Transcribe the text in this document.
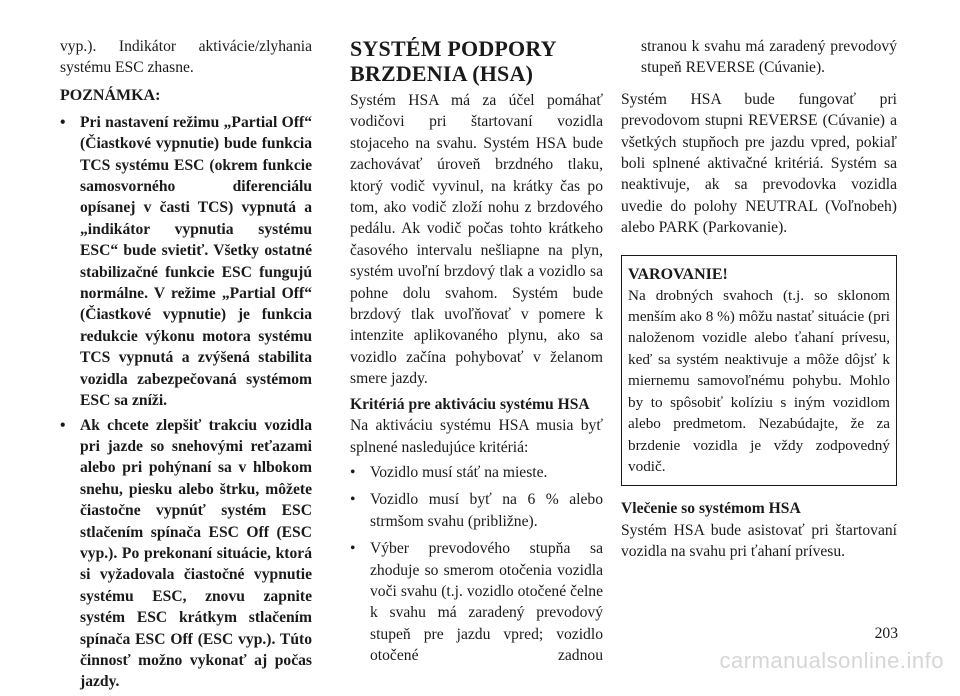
vyp.). Indikátor aktivácie/zlyhania systému ESC zhasne.

POZNÁMKA:
• Pri nastavení režimu „Partial Off“ (Čiastkové vypnutie) bude funkcia TCS systému ESC (okrem funkcie samosvorného diferenciálu opísanej v časti TCS) vypnutá a „indikátor vypnutia systému ESC“ bude svietiť. Všetky ostatné stabilizačné funkcie ESC fungujú normálne. V režime „Partial Off“ (Čiastkové vypnutie) je funkcia redukcie výkonu motora systému TCS vypnutá a zvýšená stabilita vozidla zabezpečovaná systémom ESC sa zníži.
• Ak chcete zlepšiť trakciu vozidla pri jazde so snehovými reťazami alebo pri pohýnaní sa v hlbokom snehu, piesku alebo štrku, môžete čiastočne vypnúť systém ESC stlačením spínača ESC Off (ESC vyp.). Po prekonaní situácie, ktorá si vyžadovala čiastočné vypnutie systému ESC, znovu zapnite systém ESC krátkym stlačením spínača ESC Off (ESC vyp.). Túto činnosť možno vykonať aj počas jazdy.
SYSTÉM PODPORY BRZDENIA (HSA)

Systém HSA má za účel pomáhať vodičovi pri štartovaní vozidla stojaceho na svahu. Systém HSA bude zachovávať úroveň brzdného tlaku, ktorý vodič vyvinul, na krátky čas po tom, ako vodič zloží nohu z brzdového pedálu. Ak vodič počas tohto krátkeho časového intervalu nešliapne na plyn, systém uvoľní brzdový tlak a vozidlo sa pohne dolu svahom. Systém bude brzdový tlak uvoľňovať v pomere k intenzite aplikovaného plynu, ako sa vozidlo začína pohybovať v želanom smere jazdy.

Kritériá pre aktiváciu systému HSA

Na aktiváciu systému HSA musia byť splnené nasledujúce kritériá:

• Vozidlo musí stáť na mieste.
• Vozidlo musí byť na 6 % alebo strmšom svahu (približne).
• Výber prevodového stupňa sa zhoduje so smerom otočenia vozidla voči svahu (t.j. vozidlo otočené čelne k svahu má zaradený prevodový stupeň pre jazdu vpred; vozidlo otočené zadnou
stranou k svahu má zaradený prevodový stupeň REVERSE (Cúvanie).

Systém HSA bude fungovať pri prevodovom stupni REVERSE (Cúvanie) a všetkých stupňoch pre jazdu vpred, pokiaľ boli splnené aktivačné kritériá. Systém sa neaktivuje, ak sa prevodovka vozidla uvedie do polohy NEUTRAL (Voľnobeh) alebo PARK (Parkovanie).

VAROVANIE!

Na drobných svahoch (t.j. so sklonom menším ako 8 %) môžu nastať situácie (pri naloženom vozidle alebo ťahaní prívesu, keď sa systém neaktivuje a môže dôjsť k miernemu samovoľnému pohybu. Mohlo by to spôsobiť kolíziu s iným vozidlom alebo predmetom. Nezabúdajte, že za brzdenie vozidla je vždy zodpovedný vodič.

Vlečenie so systémom HSA

Systém HSA bude asistovať pri štartovaní vozidla na svahu pri ťahaní prívesu.

203
carmanualsonline.info
